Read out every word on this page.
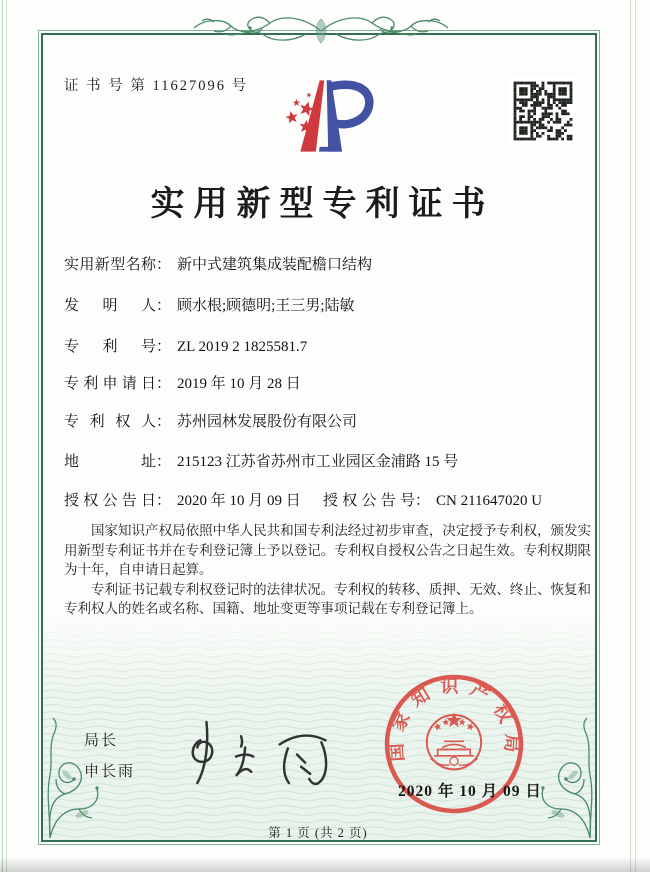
证 书 号 第 11627096 号
实用新型专利证书
实用新型名称： 新中式建筑集成装配檐口结构
发明人： 顾水根;顾德明;王三男;陆敏
专利号： ZL 2019 2 1825581.7
专利申请日： 2019 年 10 月 28 日
专利权人： 苏州园林发展股份有限公司
地址： 215123 江苏省苏州市工业园区金浦路 15 号
授权公告日： 2020 年 10 月 09 日 授权公告号： CN 211647020 U

国家知识产权局依照中华人民共和国专利法经过初步审查，决定授予专利权，颁发实用新型专利证书并在专利登记簿上予以登记。专利权自授权公告之日起生效。专利权期限为十年，自申请日起算。

专利证书记载专利权登记时的法律状况。专利权的转移、质押、无效、终止、恢复和专利权人的姓名或名称、国籍、地址变更等事项记载在专利登记簿上。

局长
申长雨
国家知识产权局
2020 年 10 月 09 日
第 1 页 (共 2 页)
